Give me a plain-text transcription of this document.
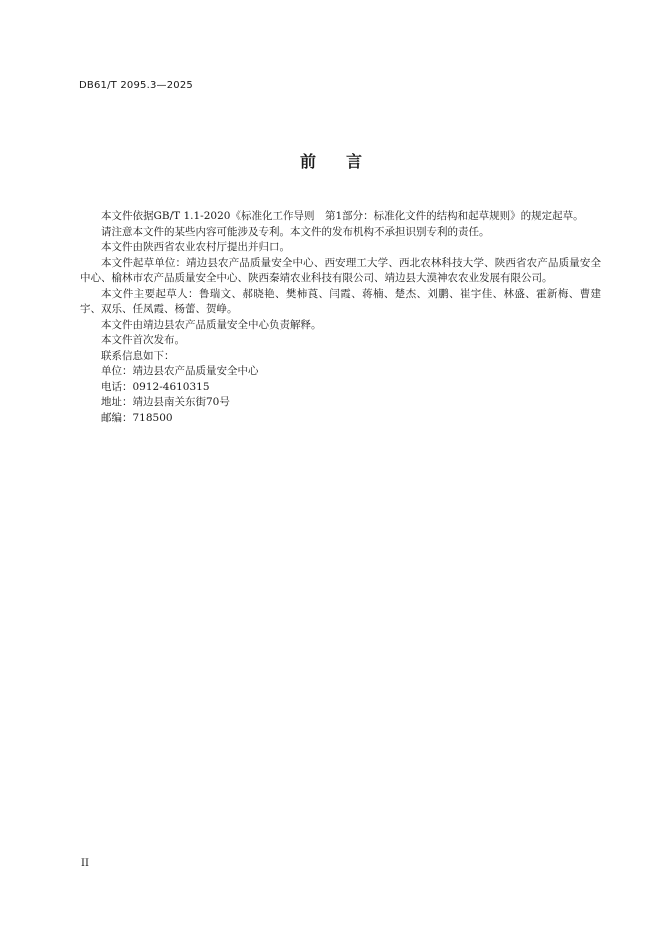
DB61/T 2095.3—2025
前言

本文件依据GB/T 1.1-2020《标准化工作导则　第1部分：标准化文件的结构和起草规则》的规定起草。

请注意本文件的某些内容可能涉及专利。本文件的发布机构不承担识别专利的责任。

本文件由陕西省农业农村厅提出并归口。

本文件起草单位：靖边县农产品质量安全中心、西安理工大学、西北农林科技大学、陕西省农产品质量安全中心、榆林市农产品质量安全中心、陕西秦靖农业科技有限公司、靖边县大漠神农农业发展有限公司。

本文件主要起草人：鲁瑞文、郝晓艳、樊柿莨、闫霞、蒋楠、楚杰、刘鹏、崔宇佳、林盛、霍新梅、曹建宇、双乐、任凤霞、杨蕾、贺峥。

本文件由靖边县农产品质量安全中心负责解释。

本文件首次发布。

联系信息如下：

单位：靖边县农产品质量安全中心

电话：0912-4610315

地址：靖边县南关东街70号

邮编：718500

II
